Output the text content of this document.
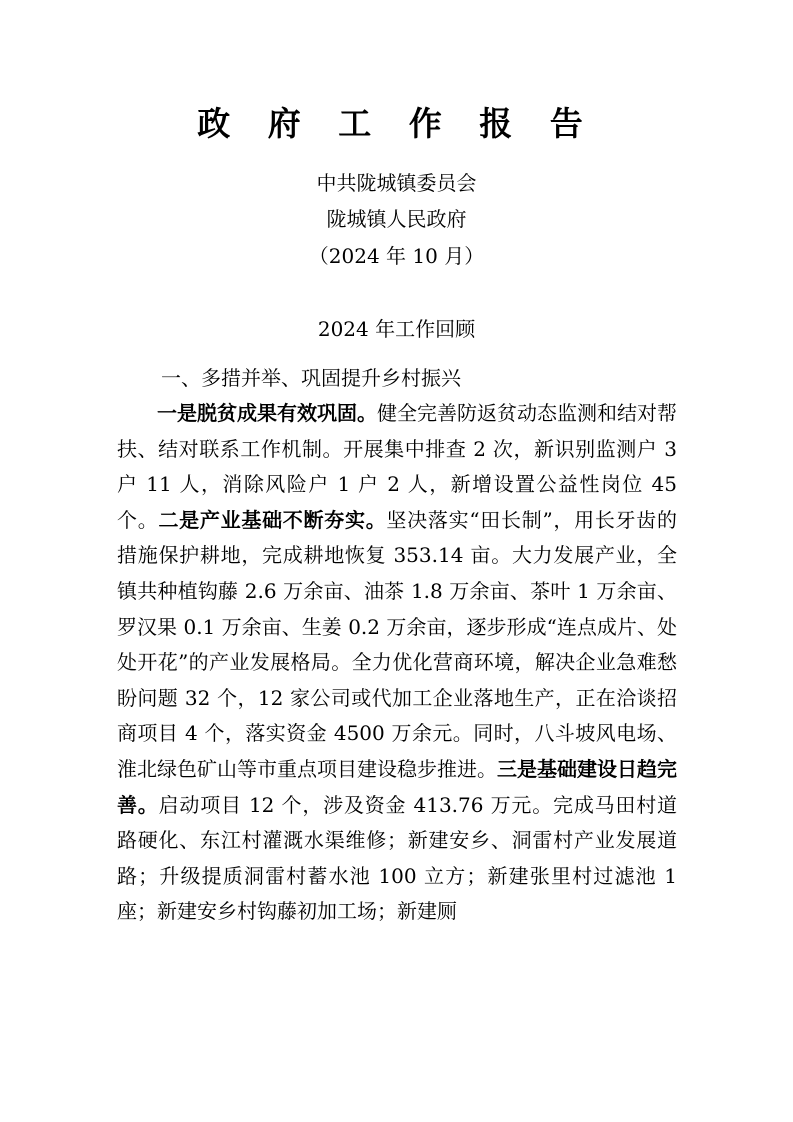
政 府 工 作 报 告
中共陇城镇委员会
陇城镇人民政府
（2024 年 10 月）
2024 年工作回顾
一、多措并举、巩固提升乡村振兴

一是脱贫成果有效巩固。健全完善防返贫动态监测和结对帮扶、结对联系工作机制。开展集中排查 2 次，新识别监测户 3 户 11 人，消除风险户 1 户 2 人，新增设置公益性岗位 45 个。二是产业基础不断夯实。坚决落实“田长制”，用长牙齿的措施保护耕地，完成耕地恢复 353.14 亩。大力发展产业，全镇共种植钩藤 2.6 万余亩、油茶 1.8 万余亩、茶叶 1 万余亩、罗汉果 0.1 万余亩、生姜 0.2 万余亩，逐步形成“连点成片、处处开花”的产业发展格局。全力优化营商环境，解决企业急难愁盼问题 32 个，12 家公司或代加工企业落地生产，正在洽谈招商项目 4 个，落实资金 4500 万余元。同时，八斗坡风电场、淮北绿色矿山等市重点项目建设稳步推进。三是基础建设日趋完善。启动项目 12 个，涉及资金 413.76 万元。完成马田村道路硬化、东江村灌溉水渠维修；新建安乡、洞雷村产业发展道路；升级提质洞雷村蓄水池 100 立方；新建张里村过滤池 1 座；新建安乡村钩藤初加工场；新建厕
